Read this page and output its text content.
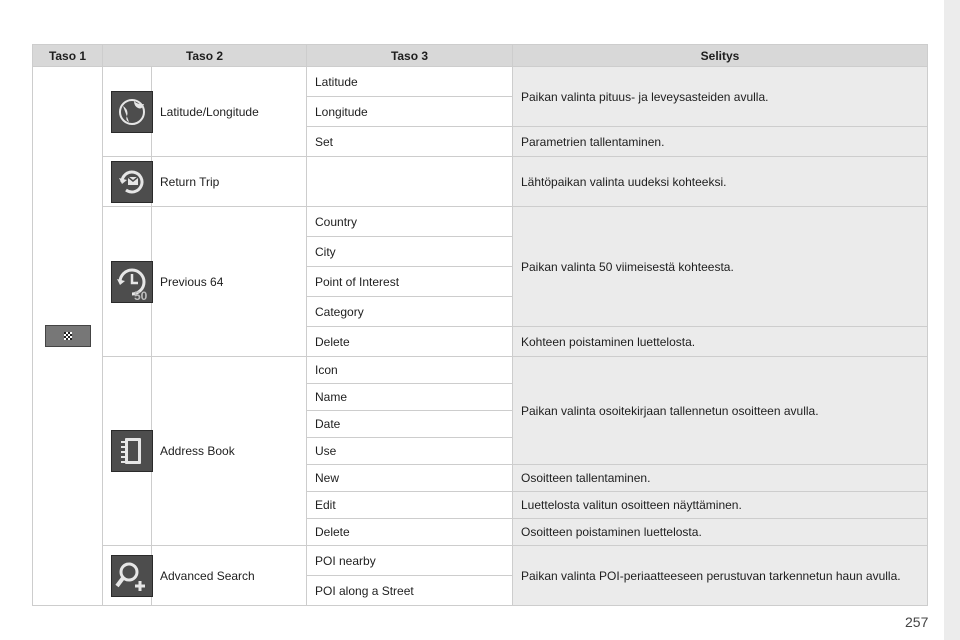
Taso 1	Taso 2		Taso 3	Selitys

	Latitude/Longitude	Latitude	Paikan valinta pituus- ja leveysasteiden avulla.
			Longitude	
			Set	Parametrien tallentaminen.

	Return Trip		Lähtöpaikan valinta uudeksi kohteeksi.

50	Previous 64	Country	Paikan valinta 50 viimeisestä kohteesta.
			City	
			Point of Interest	
			Category	
			Delete	Kohteen poistaminen luettelosta.

	Address Book	Icon	Paikan valinta osoitekirjaan tallennetun osoitteen avulla.
			Name	
			Date	
			Use	
			New	Osoitteen tallentaminen.
			Edit	Luettelosta valitun osoitteen näyttäminen.
			Delete	Osoitteen poistaminen luettelosta.

	Advanced Search	POI nearby	Paikan valinta POI-periaatteeseen perustuvan tarkennetun haun avulla.
			POI along a Street	
257
